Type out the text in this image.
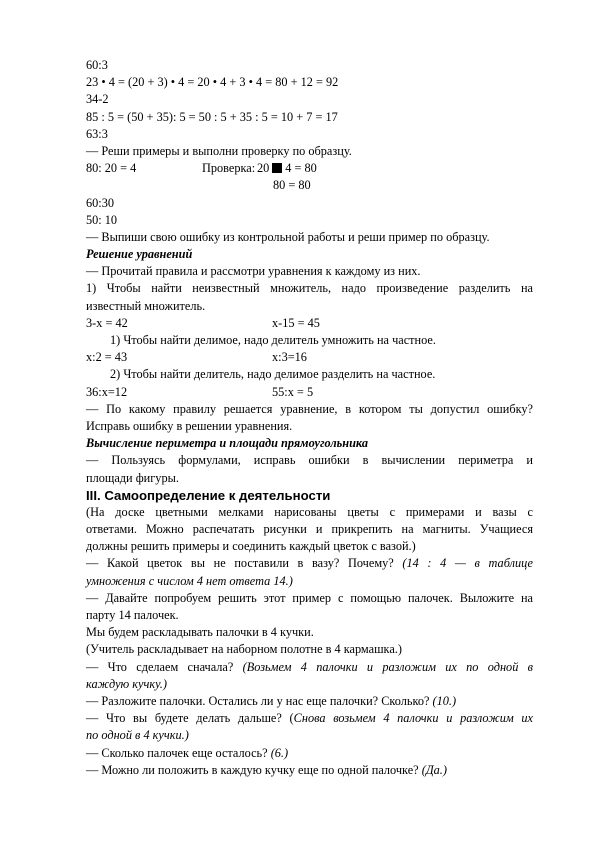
60:3
23 • 4 = (20 + 3) • 4 = 20 • 4 + 3 • 4 = 80 + 12 = 92
34-2
85 : 5 = (50 + 35): 5 = 50 : 5 + 35 : 5 = 10 + 7 = 17
63:3
— Реши примеры и выполни проверку по образцу.
80: 20 = 4	Проверка: 20 4 = 80
80 = 80
60:30
50: 10
— Выпиши свою ошибку из контрольной работы и реши пример по образцу.
Решение уравнений
— Прочитай правила и рассмотри уравнения к каждому из них.
1) Чтобы найти неизвестный множитель, надо произведение разделить на
известный множитель.
3-x = 42	x-15 = 45
1) Чтобы найти делимое, надо делитель умножить на частное.
x:2 = 43	x:3=16
2) Чтобы найти делитель, надо делимое разделить на частное.
36:x=12	55:x = 5
— По какому правилу решается уравнение, в котором ты допустил ошибку?
Исправь ошибку в решении уравнения.
Вычисление периметра и площади прямоугольника
— Пользуясь формулами, исправь ошибки в вычислении периметра и
площади фигуры.
III. Самоопределение к деятельности
(На доске цветными мелками нарисованы цветы с примерами и вазы с
ответами. Можно распечатать рисунки и прикрепить на магниты. Учащиеся
должны решить примеры и соединить каждый цветок с вазой.)
— Какой цветок вы не поставили в вазу? Почему? (14 : 4 — в таблице
умножения с числом 4 нет ответа 14.)
— Давайте попробуем решить этот пример с помощью палочек. Выложите на
парту 14 палочек.
Мы будем раскладывать палочки в 4 кучки.
(Учитель раскладывает на наборном полотне в 4 кармашка.)
— Что сделаем сначала? (Возьмем 4 палочки и разложим их по одной в
каждую кучку.)
— Разложите палочки. Остались ли у нас еще палочки? Сколько? (10.)
— Что вы будете делать дальше? (Снова возьмем 4 палочки и разложим их
по одной в 4 кучки.)
— Сколько палочек еще осталось? (6.)
— Можно ли положить в каждую кучку еще по одной палочке? (Да.)
